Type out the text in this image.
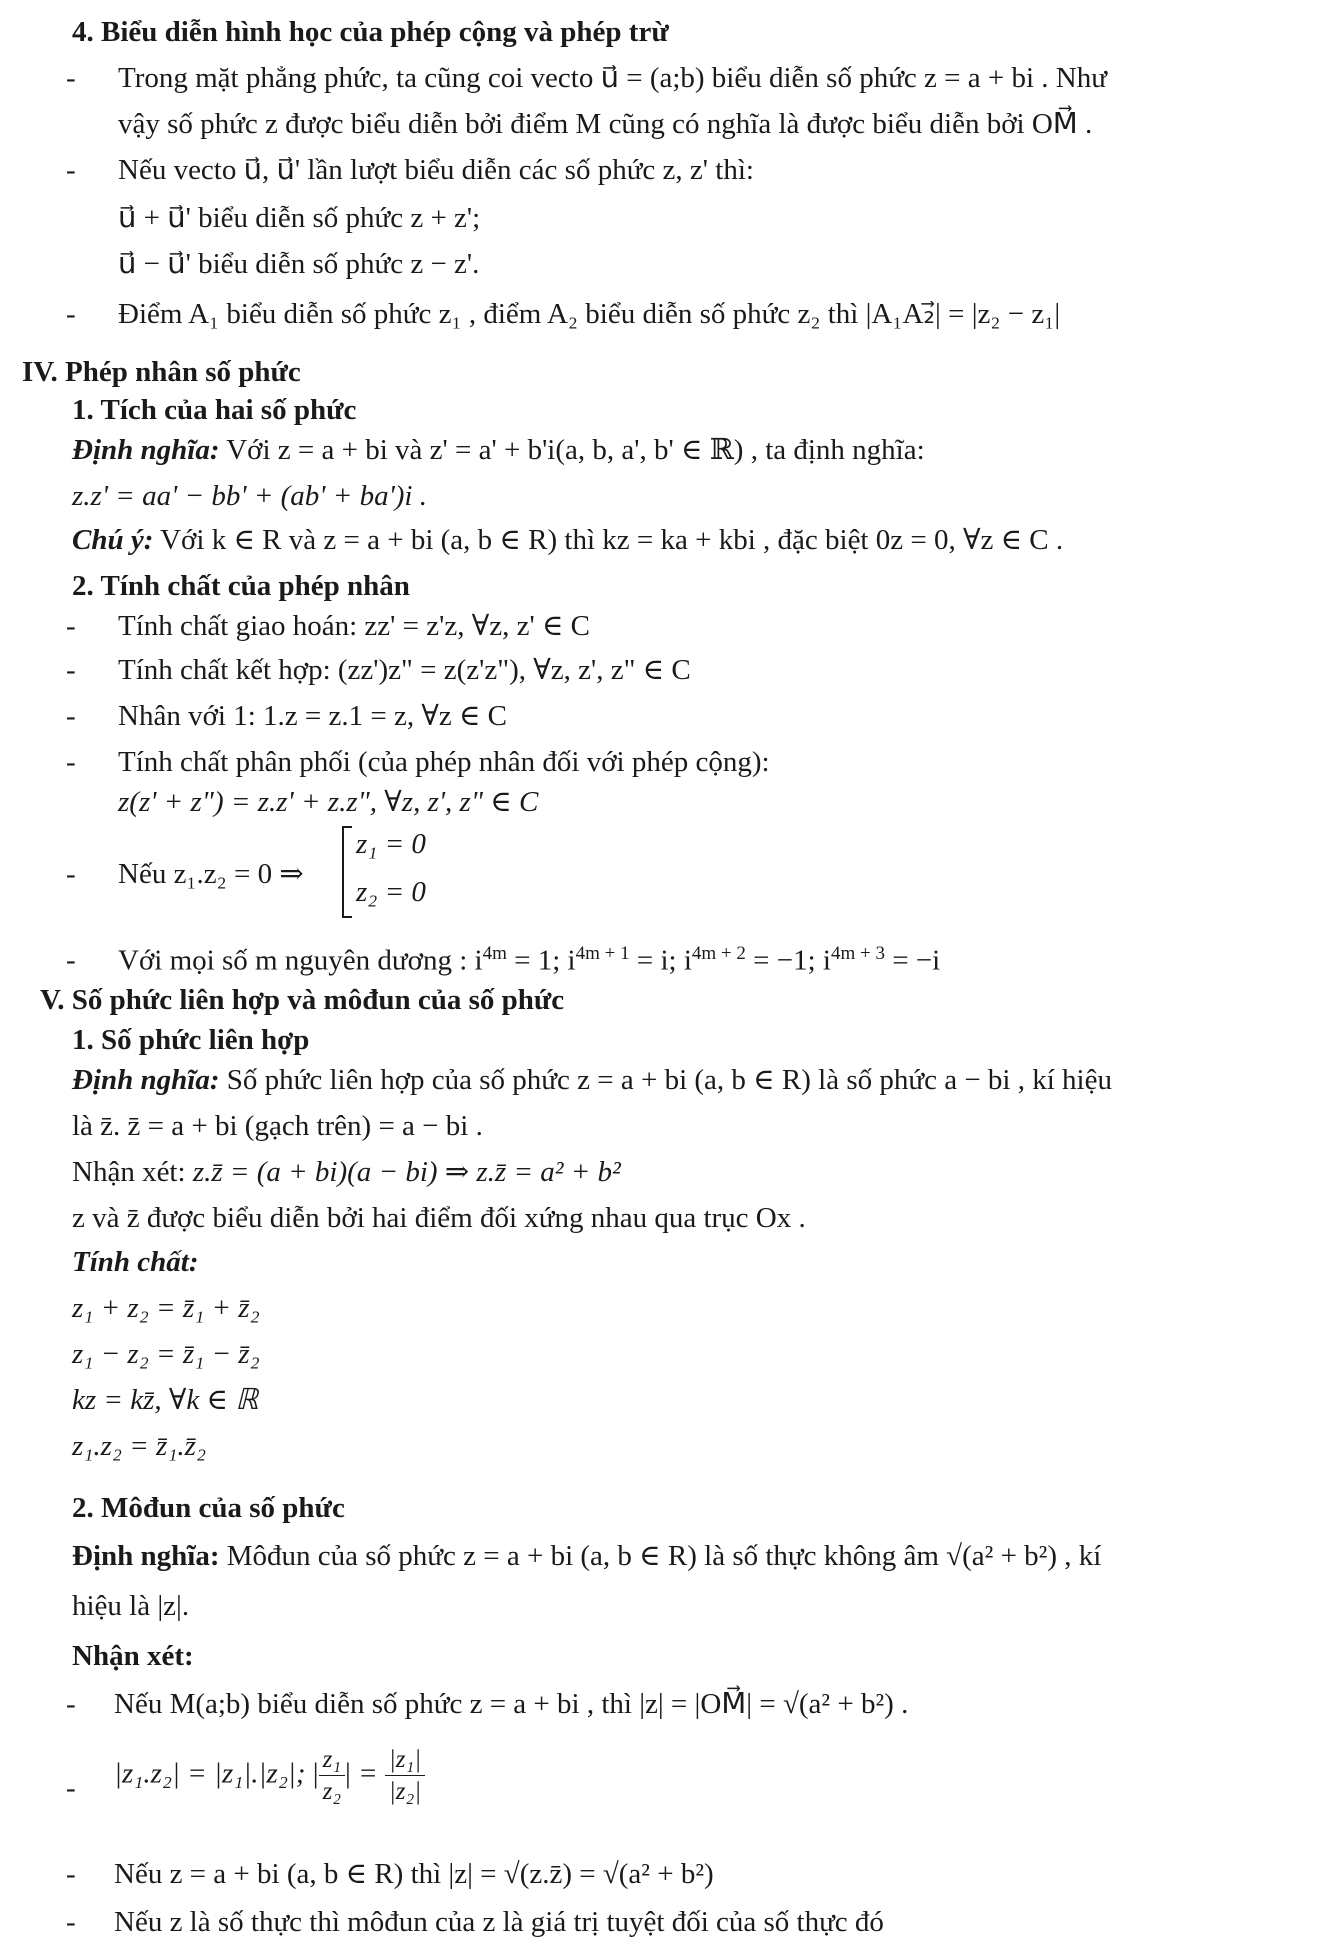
4. Biểu diễn hình học của phép cộng và phép trừ
- Trong mặt phẳng phức, ta cũng coi vecto u⃗ = (a;b) biểu diễn số phức z = a + bi . Như
vậy số phức z được biểu diễn bởi điểm M cũng có nghĩa là được biểu diễn bởi OM⃗ .
- Nếu vecto u⃗, u⃗' lần lượt biểu diễn các số phức z, z' thì:
u⃗ + u⃗' biểu diễn số phức z + z';
u⃗ − u⃗' biểu diễn số phức z − z'.
- Điểm A₁ biểu diễn số phức z₁ , điểm A₂ biểu diễn số phức z₂ thì |A₁A₂⃗| = |z₂ − z₁|
IV. Phép nhân số phức
1. Tích của hai số phức
Định nghĩa: Với z = a + bi và z' = a' + b'i(a, b, a', b' ∈ ℝ) , ta định nghĩa:
z.z' = aa' − bb' + (ab' + ba')i .
Chú ý: Với k ∈ R và z = a + bi (a, b ∈ R) thì kz = ka + kbi , đặc biệt 0z = 0, ∀z ∈ C .
2. Tính chất của phép nhân
- Tính chất giao hoán: zz' = z'z, ∀z, z' ∈ C
- Tính chất kết hợp: (zz')z" = z(z'z"), ∀z, z', z" ∈ C
- Nhân với 1: 1.z = z.1 = z, ∀z ∈ C
- Tính chất phân phối (của phép nhân đối với phép cộng):
z(z' + z") = z.z' + z.z", ∀z, z', z" ∈ C
- Nếu z₁.z₂ = 0 ⇒
z₁ = 0
z₂ = 0
- Với mọi số m nguyên dương : $i^{4m} = 1$; $i^{4m + 1} = i$; $i^{4m + 2} = -1$; $i^{4m + 3} = -i$
V. Số phức liên hợp và môđun của số phức
1. Số phức liên hợp
Định nghĩa: Số phức liên hợp của số phức z = a + bi (a, b ∈ R) là số phức a − bi , kí hiệu
là z̄. z̄ = a + bi (gạch trên) = a − bi .
Nhận xét: z.z̄ = (a + bi)(a − bi) ⇒ z.z̄ = a² + b²
z và z̄ được biểu diễn bởi hai điểm đối xứng nhau qua trục Ox .
Tính chất:
z₁ + z₂ = z̄₁ + z̄₂
z₁ − z₂ = z̄₁ − z̄₂
kz = kz̄, ∀k ∈ ℝ
z₁.z₂ = z̄₁.z̄₂
2. Môđun của số phức
Định nghĩa: Môđun của số phức z = a + bi (a, b ∈ R) là số thực không âm √(a² + b²) , kí
hiệu là |z|.
Nhận xét:
- Nếu M(a;b) biểu diễn số phức z = a + bi , thì |z| = |OM⃗| = √(a² + b²) .
- |z₁.z₂| = |z₁|.|z₂|; | $\frac{\text{z₁}}{\text{z₂}}$ | = $\frac{\text{|z₁|}}{\text{|z₂|}}$
- Nếu z = a + bi (a, b ∈ R) thì |z| = √(z.z̄) = √(a² + b²)
- Nếu z là số thực thì môđun của z là giá trị tuyệt đối của số thực đó
